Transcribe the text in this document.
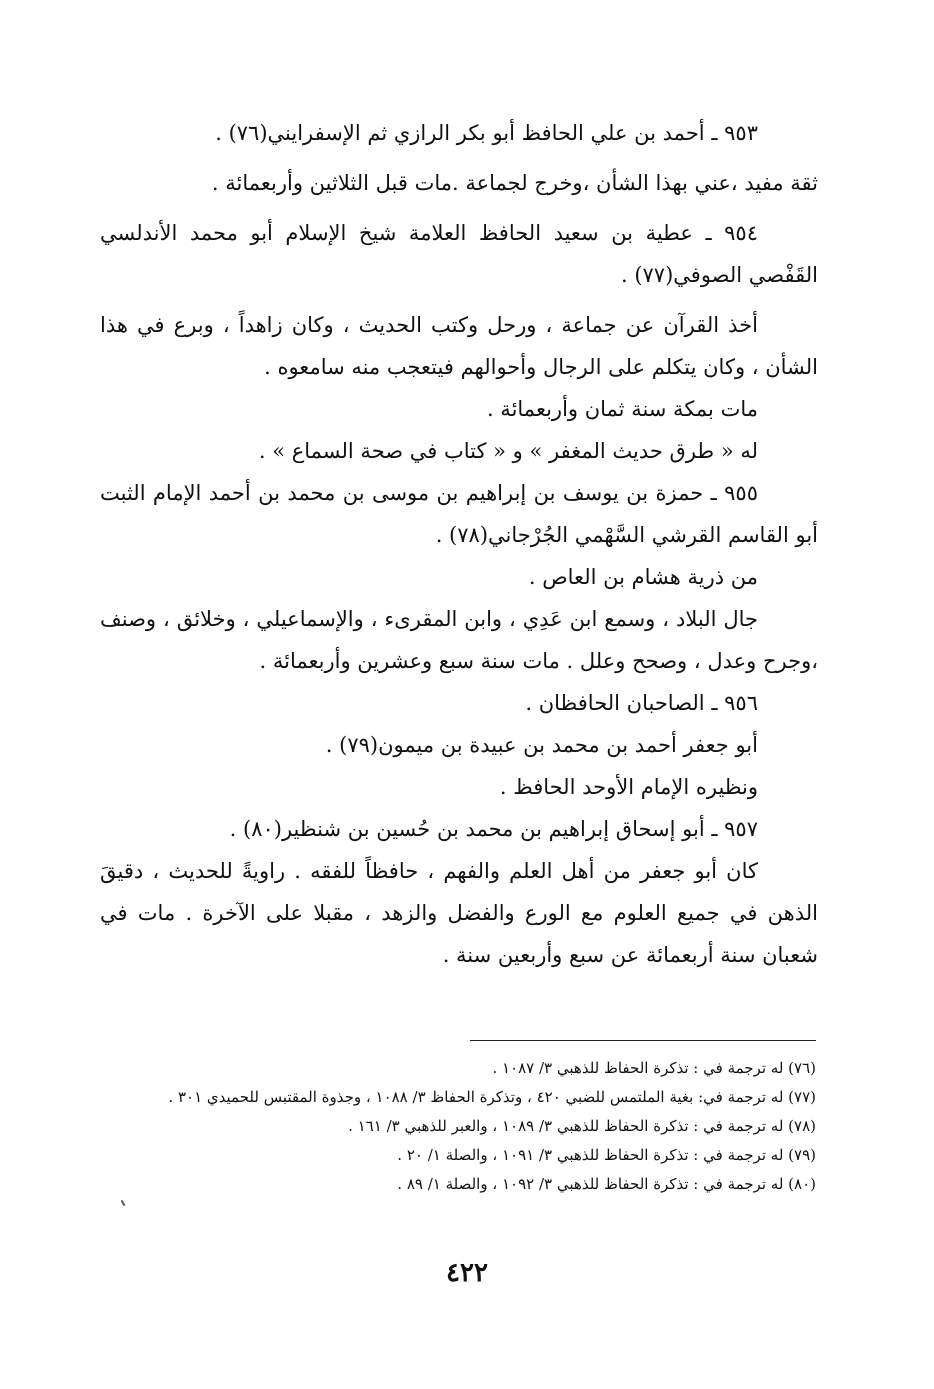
٩٥٣ ـ أحمد بن علي الحافظ أبو بكر الرازي ثم الإسفرايني(٧٦) .

ثقة مفيد ،عني بهذا الشأن ،وخرج لجماعة .مات قبل الثلاثين وأربعمائة .

٩٥٤ ـ عطية بن سعيد الحافظ العلامة شيخ الإسلام أبو محمد الأندلسي القَفْصي الصوفي(٧٧) .

أخذ القرآن عن جماعة ، ورحل وكتب الحديث ، وكان زاهداً ، وبرع في هذا الشأن ، وكان يتكلم على الرجال وأحوالهم فيتعجب منه سامعوه .

مات بمكة سنة ثمان وأربعمائة .

له « طرق حديث المغفر » و « كتاب في صحة السماع » .

٩٥٥ ـ حمزة بن يوسف بن إبراهيم بن موسى بن محمد بن أحمد الإمام الثبت أبو القاسم القرشي السَّهْمي الجُرْجاني(٧٨) .

من ذرية هشام بن العاص .

جال البلاد ، وسمع ابن عَدِي ، وابن المقرىء ، والإسماعيلي ، وخلائق ، وصنف ،وجرح وعدل ، وصحح وعلل . مات سنة سبع وعشرين وأربعمائة .

٩٥٦ ـ الصاحبان الحافظان .

أبو جعفر أحمد بن محمد بن عبيدة بن ميمون(٧٩) .

ونظيره الإمام الأوحد الحافظ .

٩٥٧ ـ أبو إسحاق إبراهيم بن محمد بن حُسين بن شنظير(٨٠) .

كان أبو جعفر من أهل العلم والفهم ، حافظاً للفقه . راويةً للحديث ، دقيقَ الذهن في جميع العلوم مع الورع والفضل والزهد ، مقبلا على الآخرة . مات في شعبان سنة أربعمائة عن سبع وأربعين سنة .

(٧٦) له ترجمة في : تذكرة الحفاظ للذهبي ٣/ ١٠٨٧ .

(٧٧) له ترجمة في: بغية الملتمس للضبي ٤٢٠ ، وتذكرة الحفاظ ٣/ ١٠٨٨ ، وجذوة المقتبس للحميدي ٣٠١ .

(٧٨) له ترجمة في : تذكرة الحفاظ للذهبي ٣/ ١٠٨٩ ، والعبر للذهبي ٣/ ١٦١ .

(٧٩) له ترجمة في : تذكرة الحفاظ للذهبي ٣/ ١٠٩١ ، والصلة ١/ ٢٠ .

(٨٠) له ترجمة في : تذكرة الحفاظ للذهبي ٣/ ١٠٩٢ ، والصلة ١/ ٨٩ .

٤٢٢
